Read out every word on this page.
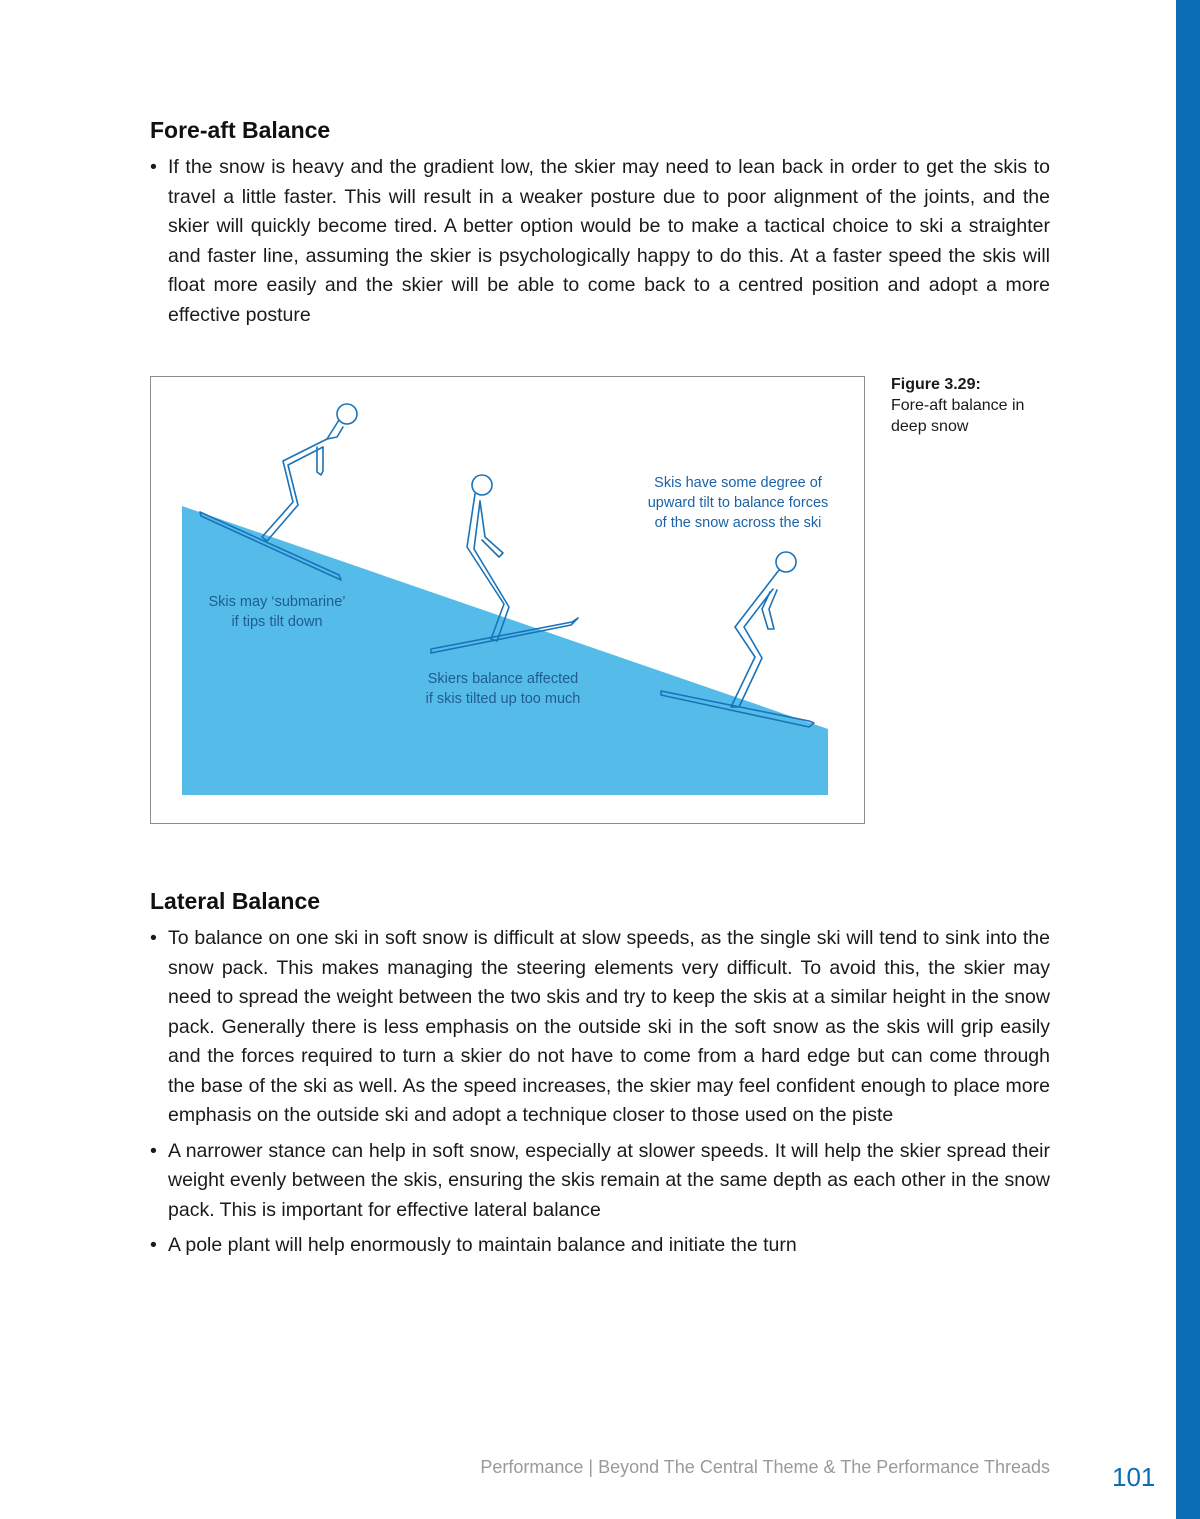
Fore-aft Balance
• If the snow is heavy and the gradient low, the skier may need to lean back in order to get the skis to travel a little faster. This will result in a weaker posture due to poor alignment of the joints, and the skier will quickly become tired. A better option would be to make a tactical choice to ski a straighter and faster line, assuming the skier is psychologically happy to do this. At a faster speed the skis will float more easily and the skier will be able to come back to a centred position and adopt a more effective posture
Skis have some degree of
upward tilt to balance forces
of the snow across the ski
Skis may ‘submarine’
if tips tilt down
Skiers balance affected
if skis tilted up too much
Figure 3.29:
Fore-aft balance in
deep snow
Lateral Balance
• To balance on one ski in soft snow is difficult at slow speeds, as the single ski will tend to sink into the snow pack. This makes managing the steering elements very difficult. To avoid this, the skier may need to spread the weight between the two skis and try to keep the skis at a similar height in the snow pack. Generally there is less emphasis on the outside ski in the soft snow as the skis will grip easily and the forces required to turn a skier do not have to come from a hard edge but can come through the base of the ski as well. As the speed increases, the skier may feel confident enough to place more emphasis on the outside ski and adopt a technique closer to those used on the piste
• A narrower stance can help in soft snow, especially at slower speeds. It will help the skier spread their weight evenly between the skis, ensuring the skis remain at the same depth as each other in the snow pack. This is important for effective lateral balance
• A pole plant will help enormously to maintain balance and initiate the turn
Performance | Beyond The Central Theme & The Performance Threads 101
